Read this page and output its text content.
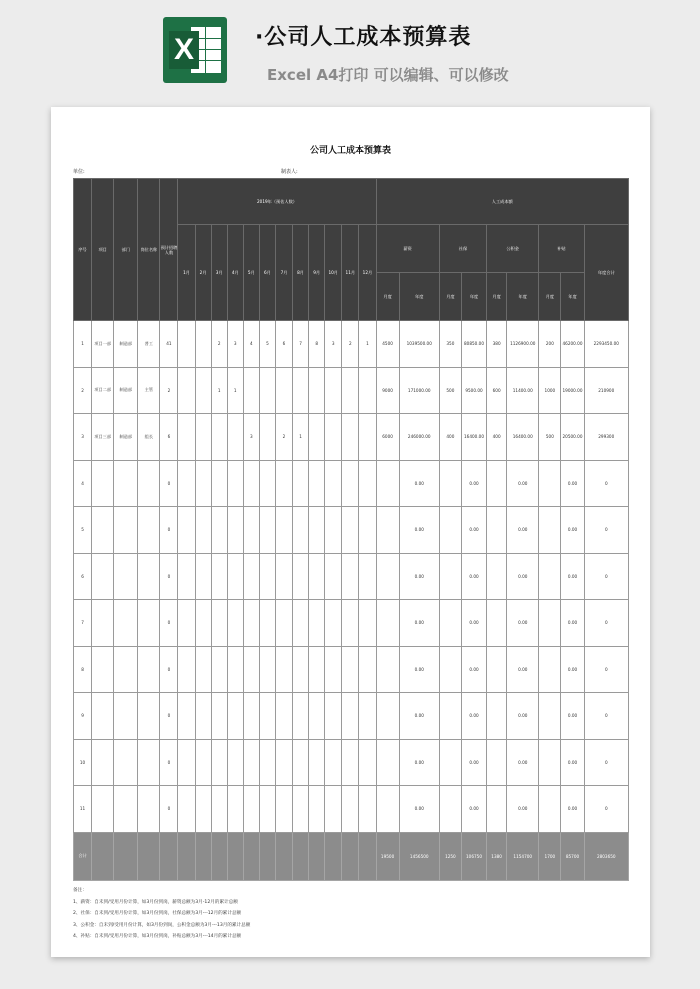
X	·公司人工成本预算表
Excel A4打印 可以编辑、可以修改
公司人工成本预算表
单位:	制表人:
序号	项目	部门	岗位名称	预计招聘人数	2019年（预估人数）												人工成本额								
					1月	2月	3月	4月	5月	6月	7月	8月	9月	10月	11月	12月	薪资		社保		公积金		补贴		年度合计
																	月度	年度	月度	年度	月度	年度	月度	年度	
1	项目一部	制造部	普工	41			2	3	4	5	6	7	8	3	2	1	4500	1039500.00	350	80850.00	380	1126900.00	200	46200.00	2293450.00
2	项目二部	制造部	主管	2			1	1									9000	171000.00	500	9500.00	600	11400.00	1000	19000.00	210900
3	项目三部	制造部	组长	6					3		2	1					6000	246000.00	400	16400.00	400	16400.00	500	20500.00	299300
4				0														0.00		0.00		0.00		0.00	0
5				0														0.00		0.00		0.00		0.00	0
6				0														0.00		0.00		0.00		0.00	0
7				0														0.00		0.00		0.00		0.00	0
8				0														0.00		0.00		0.00		0.00	0
9				0														0.00		0.00		0.00		0.00	0
10				0														0.00		0.00		0.00		0.00	0
11				0														0.00		0.00		0.00		0.00	0
合计																	19500	1456500	1250	106750	1380	1154700	1700	85700	2803650
备注：
1、薪资：自未到/受用月份计算，如3月份到岗，薪资总额为3月-12月的累计总额
2、社保：自未到/受用月份计算，如3月份到岗，社保总额为3月---12月的累计总额
3、公积金：自未到/受用月份计算，如3月份到岗，公积金总额为3月---13月的累计总额
4、补贴：自未到/受用月份计算，如3月份到岗，补贴总额为3月---14月的累计总额
